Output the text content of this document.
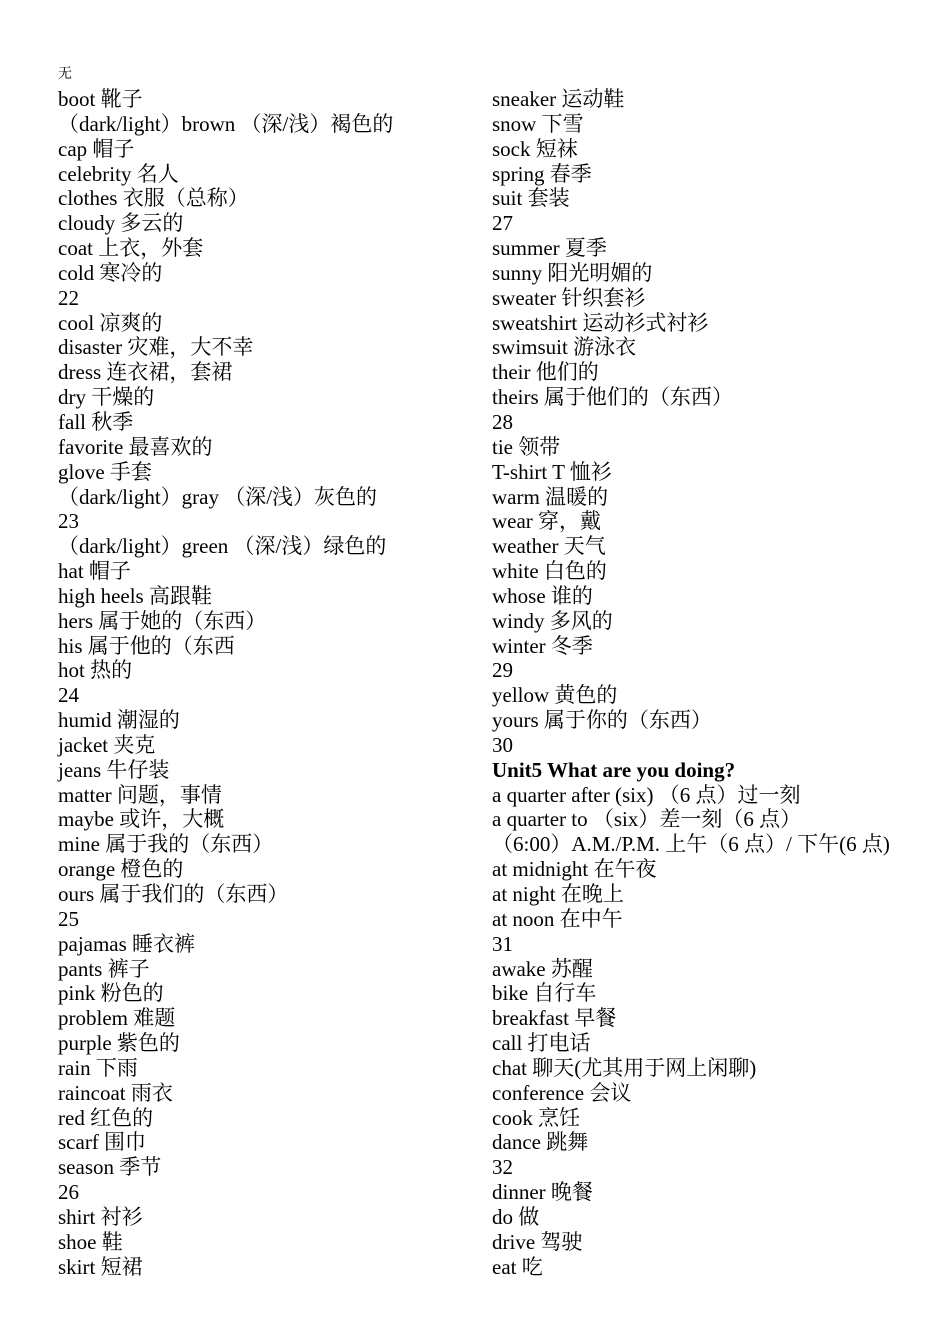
无
boot 靴子
（dark/light）brown （深/浅）褐色的
cap 帽子
celebrity 名人
clothes 衣服（总称）
cloudy 多云的
coat 上衣，外套
cold 寒冷的
22
cool 凉爽的
disaster 灾难，大不幸
dress 连衣裙，套裙
dry 干燥的
fall 秋季
favorite 最喜欢的
glove 手套
（dark/light）gray （深/浅）灰色的
23
（dark/light）green （深/浅）绿色的
hat 帽子
high heels 高跟鞋
hers 属于她的（东西）
his 属于他的（东西
hot 热的
24
humid 潮湿的
jacket 夹克
jeans 牛仔装
matter 问题，事情
maybe 或许，大概
mine 属于我的（东西）
orange 橙色的
ours 属于我们的（东西）
25
pajamas 睡衣裤
pants 裤子
pink 粉色的
problem 难题
purple 紫色的
rain 下雨
raincoat 雨衣
red 红色的
scarf 围巾
season 季节
26
shirt 衬衫
shoe 鞋
skirt 短裙
sneaker 运动鞋
snow 下雪
sock 短袜
spring 春季
suit 套装
27
summer 夏季
sunny 阳光明媚的
sweater 针织套衫
sweatshirt 运动衫式衬衫
swimsuit 游泳衣
their 他们的
theirs 属于他们的（东西）
28
tie 领带
T-shirt T 恤衫
warm 温暖的
wear 穿，戴
weather 天气
white 白色的
whose 谁的
windy 多风的
winter 冬季
29
yellow 黄色的
yours 属于你的（东西）
30
Unit5 What are you doing?
a quarter after (six) （6 点）过一刻
a quarter to （six）差一刻（6 点）
（6:00）A.M./P.M. 上午（6 点）/ 下午(6 点)
at midnight 在午夜
at night 在晚上
at noon 在中午
31
awake 苏醒
bike 自行车
breakfast 早餐
call 打电话
chat 聊天(尤其用于网上闲聊)
conference 会议
cook 烹饪
dance 跳舞
32
dinner 晚餐
do 做
drive 驾驶
eat 吃
